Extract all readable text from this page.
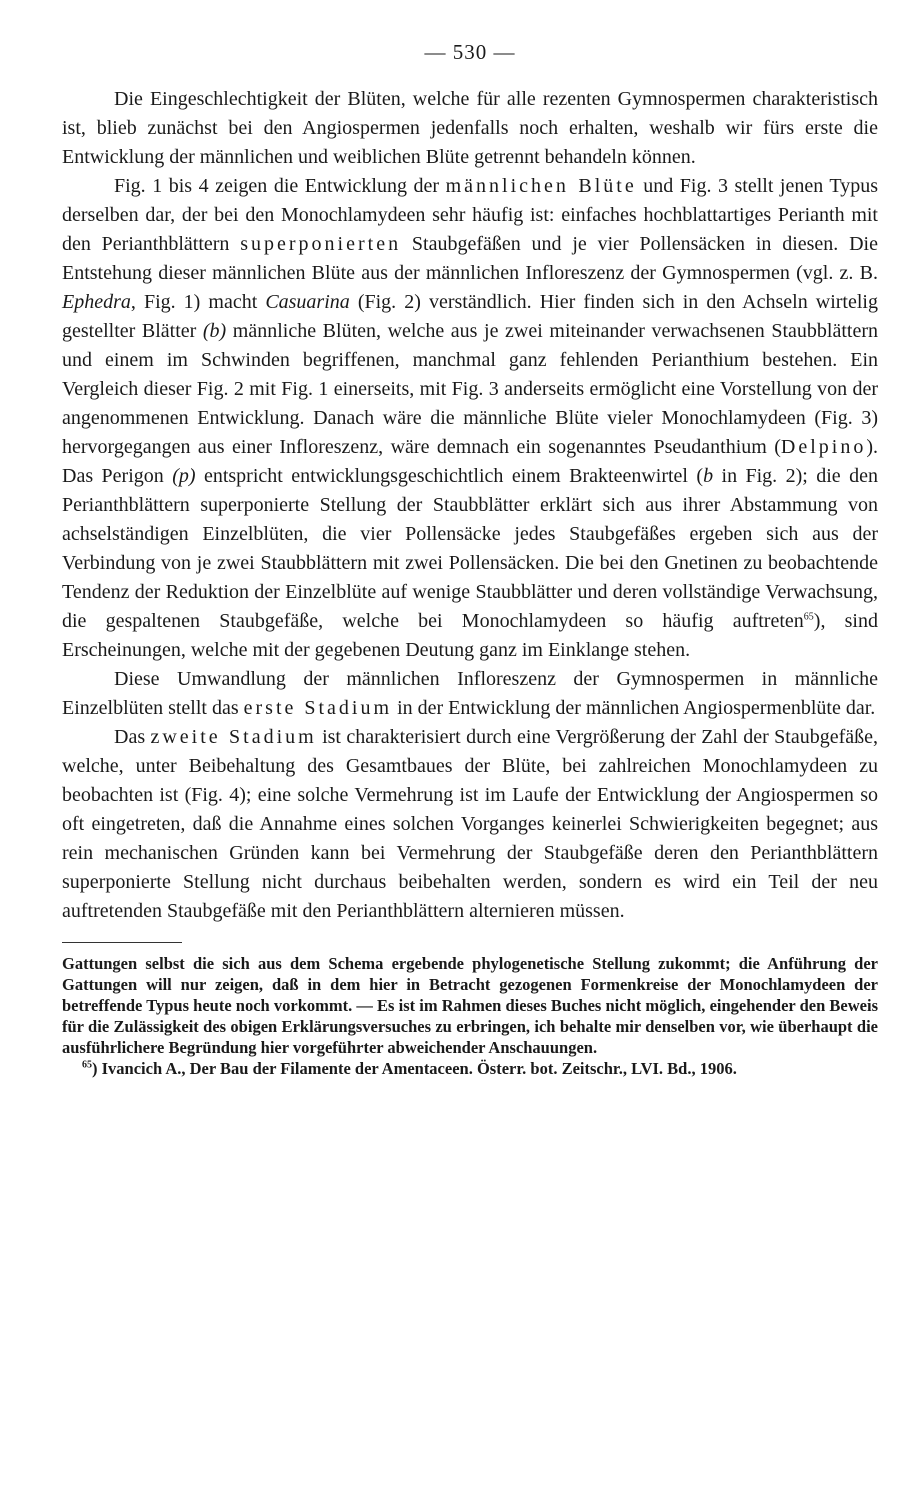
— 530 —

Die Eingeschlechtigkeit der Blüten, welche für alle rezenten Gymnospermen charakteristisch ist, blieb zunächst bei den Angiospermen jedenfalls noch erhalten, weshalb wir fürs erste die Entwicklung der männlichen und weiblichen Blüte getrennt behandeln können.

Fig. 1 bis 4 zeigen die Entwicklung der männlichen Blüte und Fig. 3 stellt jenen Typus derselben dar, der bei den Monochlamydeen sehr häufig ist: einfaches hochblattartiges Perianth mit den Perianthblättern superponierten Staubgefäßen und je vier Pollensäcken in diesen. Die Entstehung dieser männlichen Blüte aus der männlichen Infloreszenz der Gymnospermen (vgl. z. B. Ephedra, Fig. 1) macht Casuarina (Fig. 2) verständlich. Hier finden sich in den Achseln wirtelig gestellter Blätter (b) männliche Blüten, welche aus je zwei miteinander verwachsenen Staubblättern und einem im Schwinden begriffenen, manchmal ganz fehlenden Perianthium bestehen. Ein Vergleich dieser Fig. 2 mit Fig. 1 einerseits, mit Fig. 3 anderseits ermöglicht eine Vorstellung von der angenommenen Entwicklung. Danach wäre die männliche Blüte vieler Monochlamydeen (Fig. 3) hervorgegangen aus einer Infloreszenz, wäre demnach ein sogenanntes Pseudanthium (Delpino). Das Perigon (p) entspricht entwicklungsgeschichtlich einem Brakteenwirtel (b in Fig. 2); die den Perianthblättern superponierte Stellung der Staubblätter erklärt sich aus ihrer Abstammung von achselständigen Einzelblüten, die vier Pollensäcke jedes Staubgefäßes ergeben sich aus der Verbindung von je zwei Staubblättern mit zwei Pollensäcken. Die bei den Gnetinen zu beobachtende Tendenz der Reduktion der Einzelblüte auf wenige Staubblätter und deren vollständige Verwachsung, die gespaltenen Staubgefäße, welche bei Monochlamydeen so häufig auftreten$^{65}$), sind Erscheinungen, welche mit der gegebenen Deutung ganz im Einklange stehen.

Diese Umwandlung der männlichen Infloreszenz der Gymnospermen in männliche Einzelblüten stellt das erste Stadium in der Entwicklung der männlichen Angiospermenblüte dar.

Das zweite Stadium ist charakterisiert durch eine Vergrößerung der Zahl der Staubgefäße, welche, unter Beibehaltung des Gesamtbaues der Blüte, bei zahlreichen Monochlamydeen zu beobachten ist (Fig. 4); eine solche Vermehrung ist im Laufe der Entwicklung der Angiospermen so oft eingetreten, daß die Annahme eines solchen Vorganges keinerlei Schwierigkeiten begegnet; aus rein mechanischen Gründen kann bei Vermehrung der Staubgefäße deren den Perianthblättern superponierte Stellung nicht durchaus beibehalten werden, sondern es wird ein Teil der neu auftretenden Staubgefäße mit den Perianthblättern alternieren müssen.

Gattungen selbst die sich aus dem Schema ergebende phylogenetische Stellung zukommt; die Anführung der Gattungen will nur zeigen, daß in dem hier in Betracht gezogenen Formenkreise der Monochlamydeen der betreffende Typus heute noch vorkommt. — Es ist im Rahmen dieses Buches nicht möglich, eingehender den Beweis für die Zulässigkeit des obigen Erklärungsversuches zu erbringen, ich behalte mir denselben vor, wie überhaupt die ausführlichere Begründung hier vorgeführter abweichender Anschauungen.

$^{65}$) Ivancich A., Der Bau der Filamente der Amentaceen. Österr. bot. Zeitschr., LVI. Bd., 1906.
